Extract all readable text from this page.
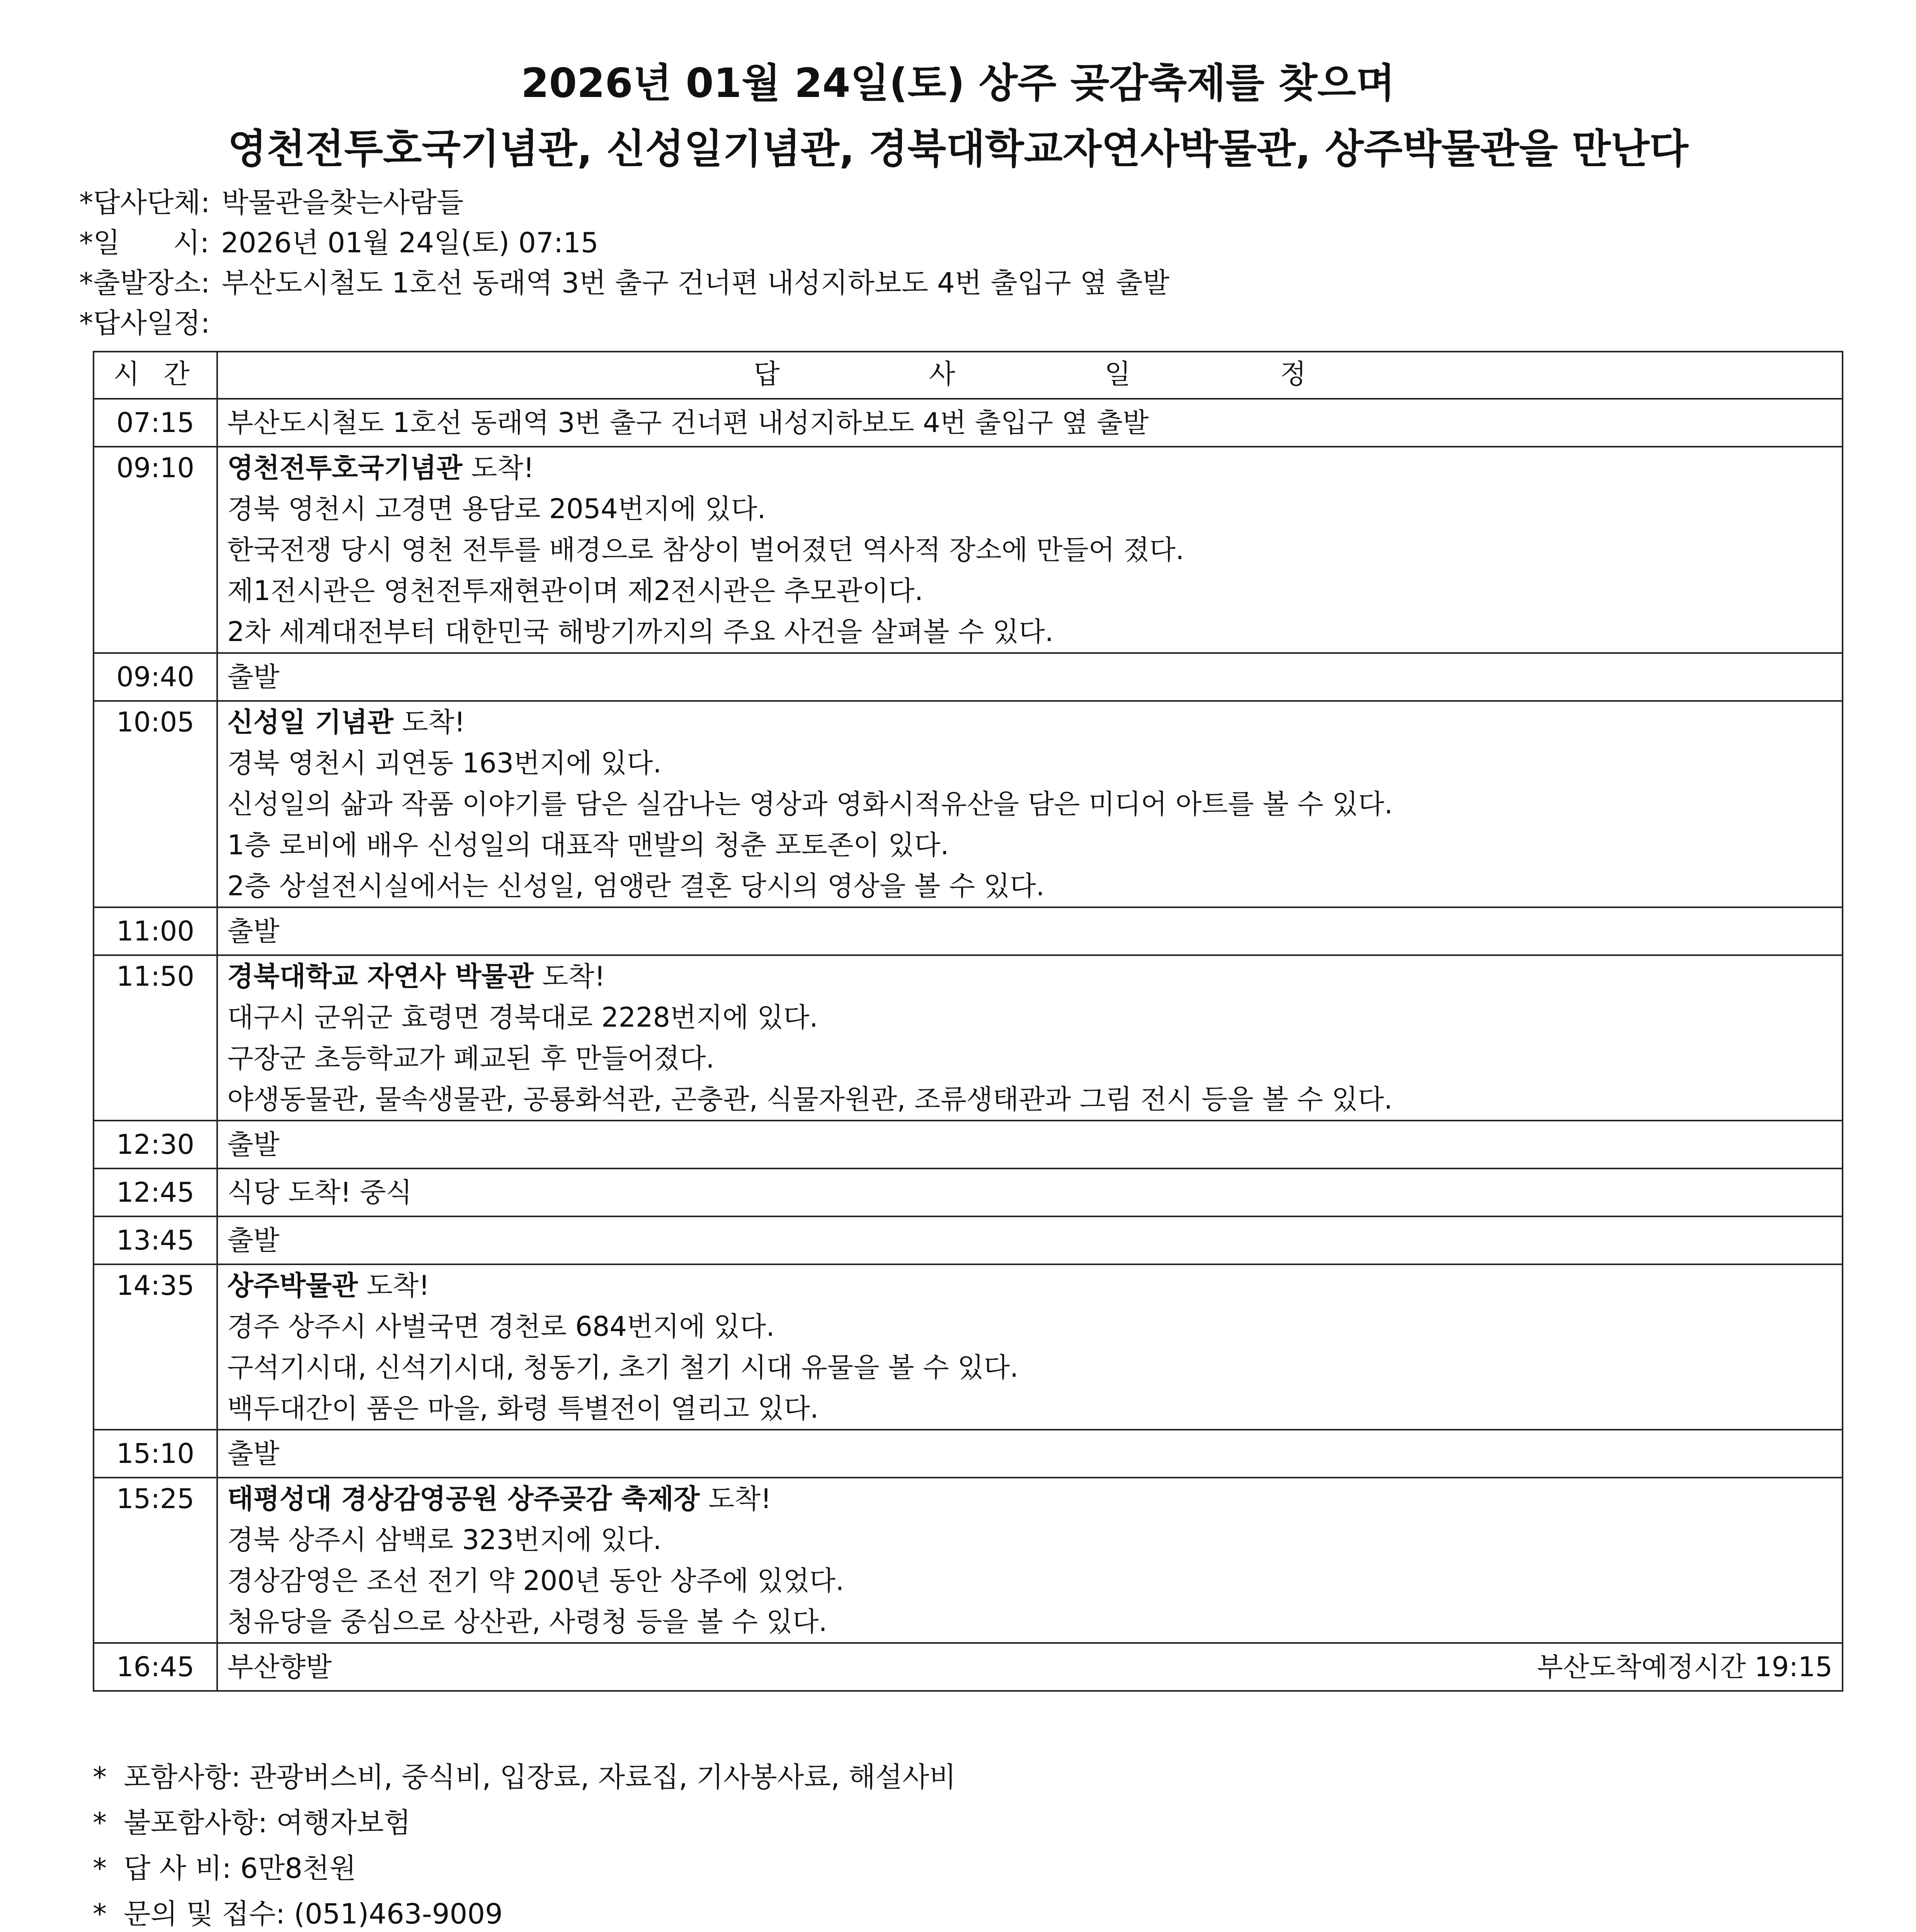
2026년 01월 24일(토) 상주 곶감축제를 찾으며
영천전투호국기념관, 신성일기념관, 경북대학교자연사박물관, 상주박물관을 만난다
*답사단체: 박물관을찾는사람들
*일      시: 2026년 01월 24일(토) 07:15
*출발장소: 부산도시철도 1호선 동래역 3번 출구 건너편 내성지하보도 4번 출입구 옆 출발
*답사일정:
시 간	답 사 일 정

07:15	부산도시철도 1호선 동래역 3번 출구 건너편 내성지하보도 4번 출입구 옆 출발

09:10	영천전투호국기념관 도착!
경북 영천시 고경면 용담로 2054번지에 있다.
한국전쟁 당시 영천 전투를 배경으로 참상이 벌어졌던 역사적 장소에 만들어 졌다.
제1전시관은 영천전투재현관이며 제2전시관은 추모관이다.
2차 세계대전부터 대한민국 해방기까지의 주요 사건을 살펴볼 수 있다.

09:40	출발

10:05	신성일 기념관 도착!
경북 영천시 괴연동 163번지에 있다.
신성일의 삶과 작품 이야기를 담은 실감나는 영상과 영화시적유산을 담은 미디어 아트를 볼 수 있다.
1층 로비에 배우 신성일의 대표작 맨발의 청춘 포토존이 있다.
2층 상설전시실에서는 신성일, 엄앵란 결혼 당시의 영상을 볼 수 있다.

11:00	출발

11:50	경북대학교 자연사 박물관 도착!
대구시 군위군 효령면 경북대로 2228번지에 있다.
구장군 초등학교가 폐교된 후 만들어졌다.
야생동물관, 물속생물관, 공룡화석관, 곤충관, 식물자원관, 조류생태관과 그림 전시 등을 볼 수 있다.

12:30	출발

12:45	식당 도착! 중식

13:45	출발

14:35	상주박물관 도착!
경주 상주시 사벌국면 경천로 684번지에 있다.
구석기시대, 신석기시대, 청동기, 초기 철기 시대 유물을 볼 수 있다.
백두대간이 품은 마을, 화령 특별전이 열리고 있다.

15:10	출발

15:25	태평성대 경상감영공원 상주곶감 축제장 도착!
경북 상주시 삼백로 323번지에 있다.
경상감영은 조선 전기 약 200년 동안 상주에 있었다.
청유당을 중심으로 상산관, 사령청 등을 볼 수 있다.

16:45	부산향발 부산도착예정시간 19:15
* 포함사항: 관광버스비, 중식비, 입장료, 자료집, 기사봉사료, 해설사비
* 불포함사항: 여행자보험
* 답 사 비: 6만8천원
* 문의 및 접수: (051)463-9009
